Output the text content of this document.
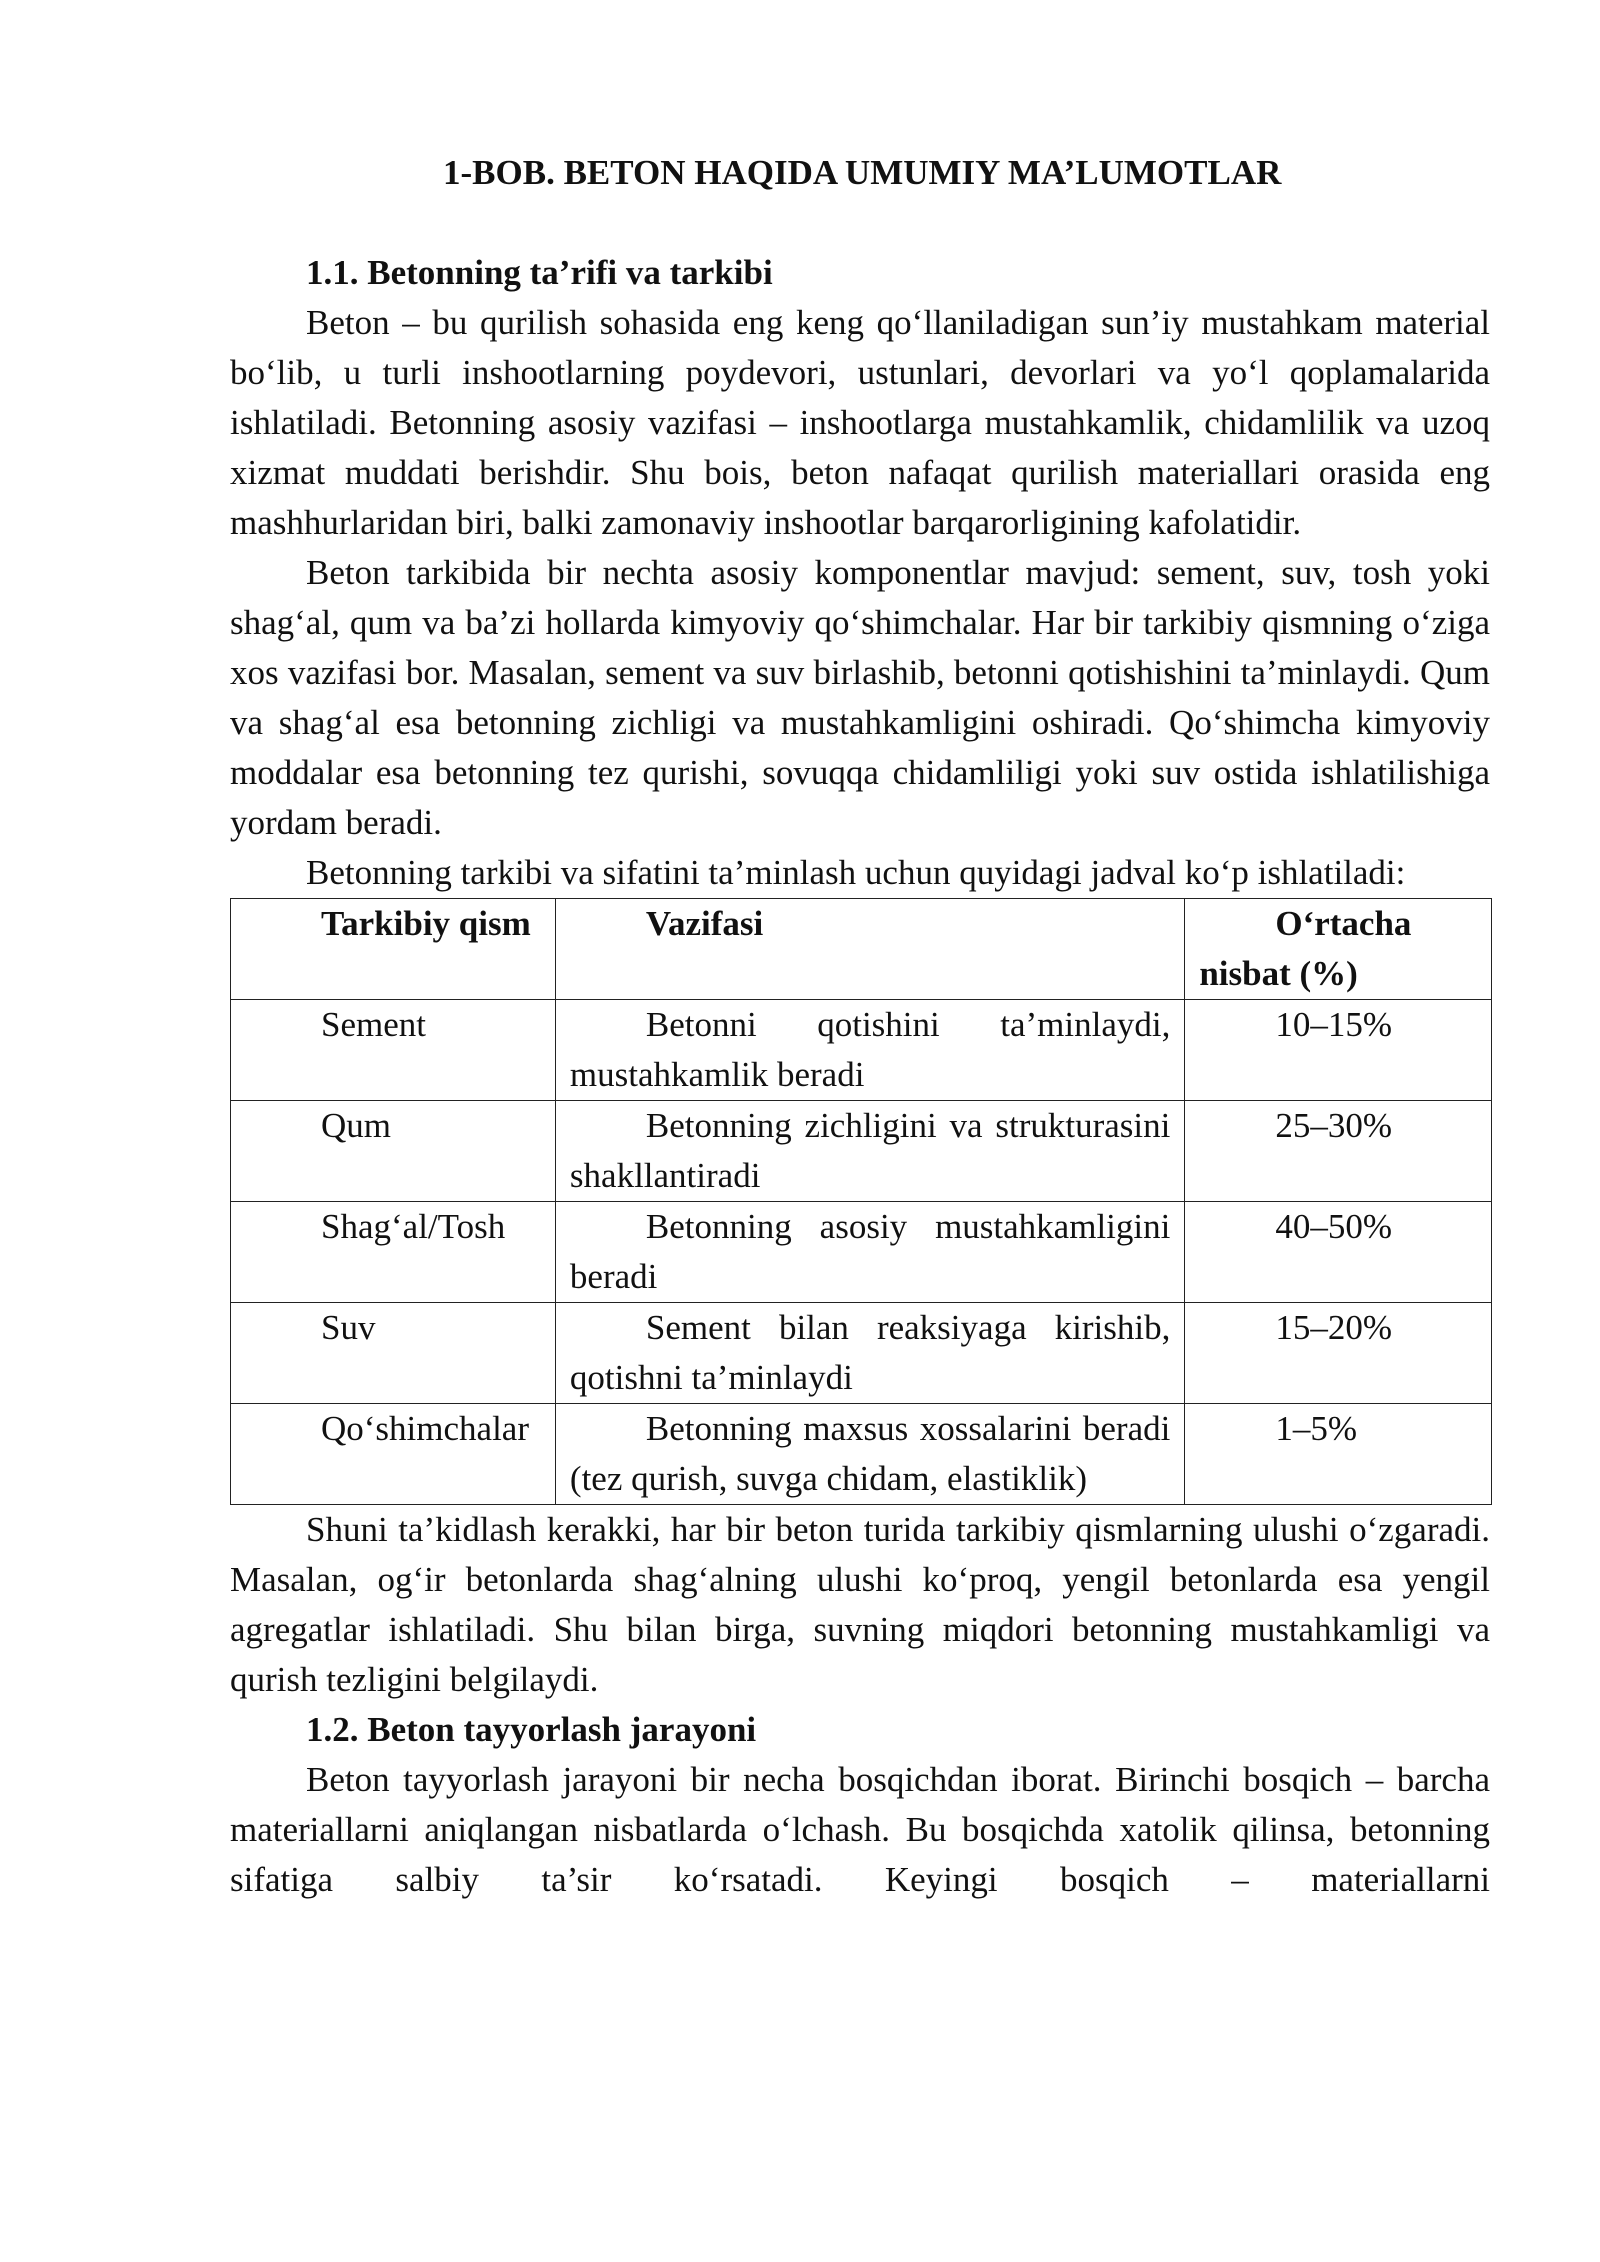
1-BOB. BETON HAQIDA UMUMIY MA’LUMOTLAR
1.1. Betonning ta’rifi va tarkibi

Beton – bu qurilish sohasida eng keng qo‘llaniladigan sun’iy mustahkam material bo‘lib, u turli inshootlarning poydevori, ustunlari, devorlari va yo‘l qoplamalarida ishlatiladi. Betonning asosiy vazifasi – inshootlarga mustahkamlik, chidamlilik va uzoq xizmat muddati berishdir. Shu bois, beton nafaqat qurilish materiallari orasida eng mashhurlaridan biri, balki zamonaviy inshootlar barqarorligining kafolatidir.

Beton tarkibida bir nechta asosiy komponentlar mavjud: sement, suv, tosh yoki shag‘al, qum va ba’zi hollarda kimyoviy qo‘shimchalar. Har bir tarkibiy qismning o‘ziga xos vazifasi bor. Masalan, sement va suv birlashib, betonni qotishishini ta’minlaydi. Qum va shag‘al esa betonning zichligi va mustahkamligini oshiradi. Qo‘shimcha kimyoviy moddalar esa betonning tez qurishi, sovuqqa chidamliligi yoki suv ostida ishlatilishiga yordam beradi.

Betonning tarkibi va sifatini ta’minlash uchun quyidagi jadval ko‘p ishlatiladi:

Tarkibiy qism	Vazifasi	O‘rtacha nisbat (%)
Sement	Betonni qotishini ta’minlaydi, mustahkamlik beradi	10–15%
Qum	Betonning zichligini va strukturasini shakllantiradi	25–30%
Shag‘al/Tosh	Betonning asosiy mustahkamligini beradi	40–50%
Suv	Sement bilan reaksiyaga kirishib, qotishni ta’minlaydi	15–20%
Qo‘shimchalar	Betonning maxsus xossalarini beradi (tez qurish, suvga chidam, elastiklik)	1–5%

Shuni ta’kidlash kerakki, har bir beton turida tarkibiy qismlarning ulushi o‘zgaradi. Masalan, og‘ir betonlarda shag‘alning ulushi ko‘proq, yengil betonlarda esa yengil agregatlar ishlatiladi. Shu bilan birga, suvning miqdori betonning mustahkamligi va qurish tezligini belgilaydi.

1.2. Beton tayyorlash jarayoni

Beton tayyorlash jarayoni bir necha bosqichdan iborat. Birinchi bosqich – barcha materiallarni aniqlangan nisbatlarda o‘lchash. Bu bosqichda xatolik qilinsa, betonning sifatiga salbiy ta’sir ko‘rsatadi. Keyingi bosqich – materiallarni
